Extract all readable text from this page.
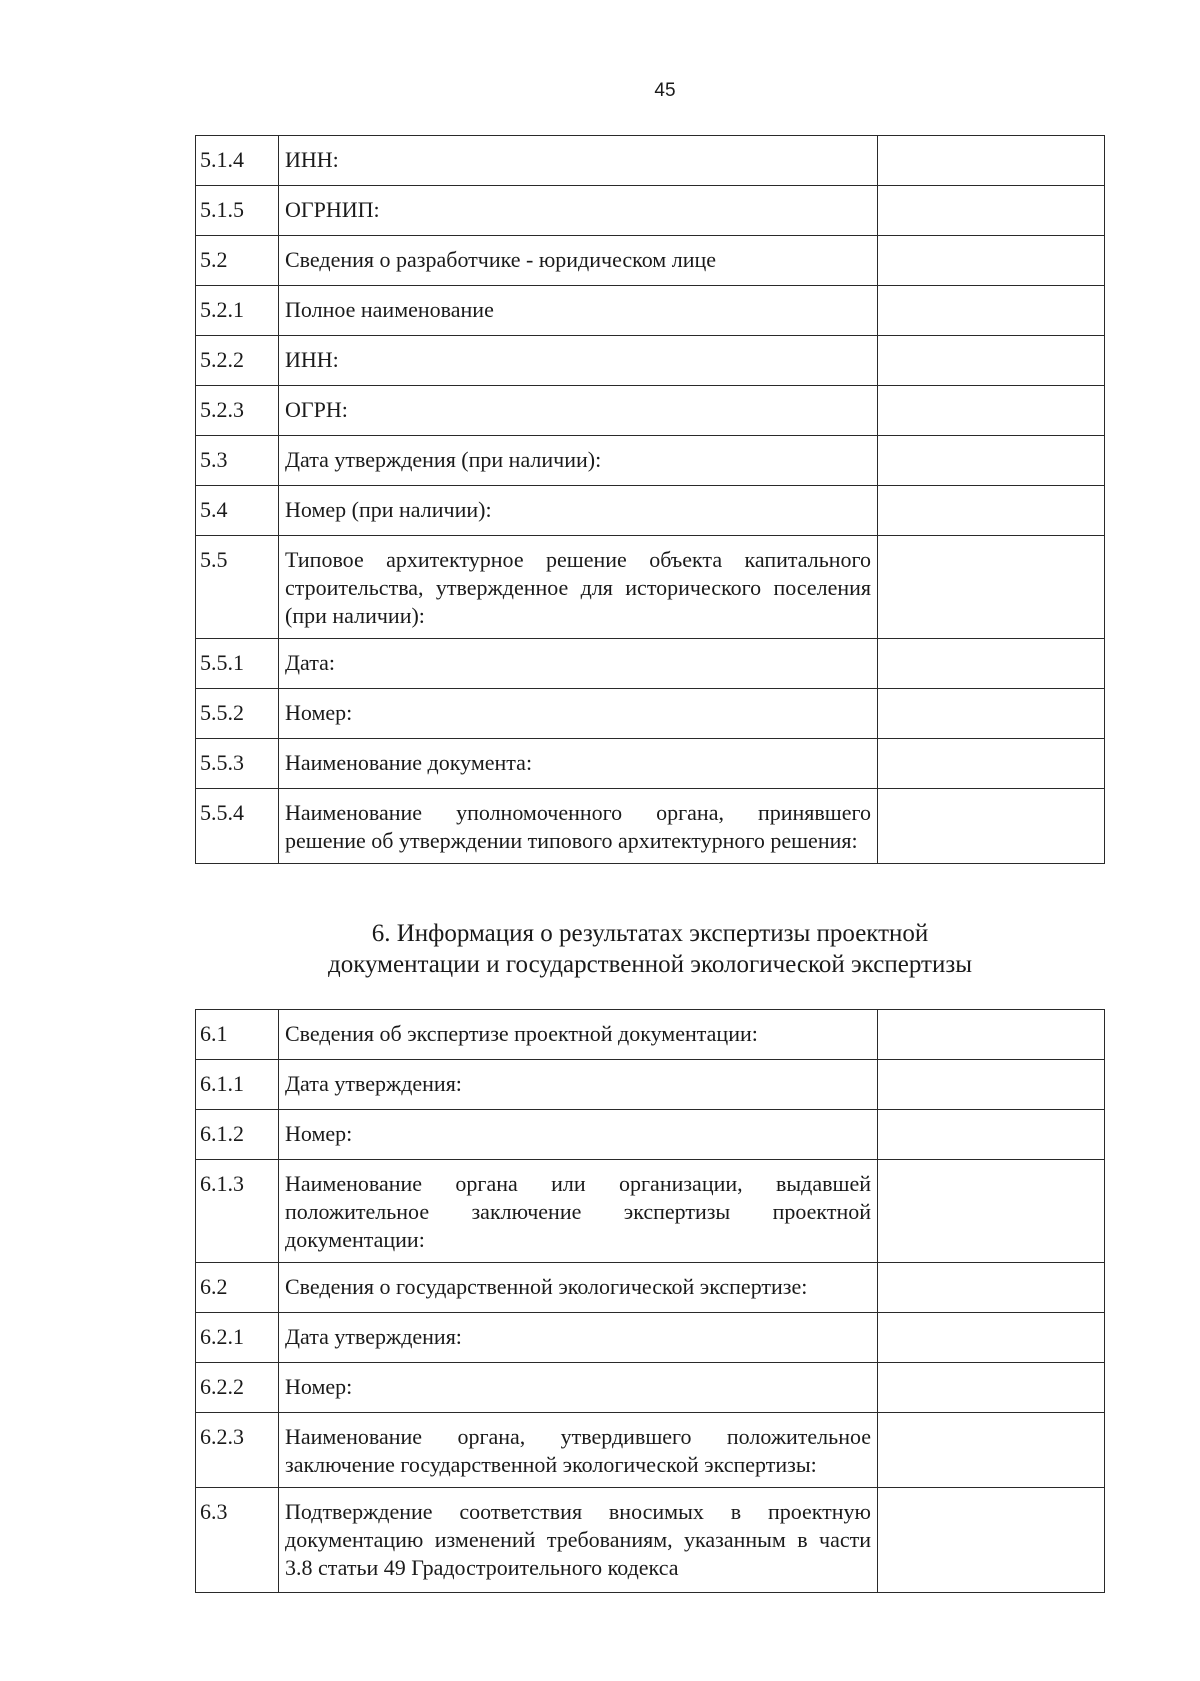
45
5.1.4	ИНН:	
5.1.5	ОГРНИП:	
5.2	Сведения о разработчике - юридическом лице	
5.2.1	Полное наименование	
5.2.2	ИНН:	
5.2.3	ОГРН:	
5.3	Дата утверждения (при наличии):	
5.4	Номер (при наличии):	
5.5	Типовое архитектурное решение объекта капитального строительства, утвержденное для исторического поселения (при наличии):	
5.5.1	Дата:	
5.5.2	Номер:	
5.5.3	Наименование документа:	
5.5.4	Наименование уполномоченного органа, принявшего решение об утверждении типового архитектурного решения:	
6. Информация о результатах экспертизы проектной
документации и государственной экологической экспертизы
6.1	Сведения об экспертизе проектной документации:	
6.1.1	Дата утверждения:	
6.1.2	Номер:	
6.1.3	Наименование органа или организации, выдавшей положительное заключение экспертизы проектной документации:	
6.2	Сведения о государственной экологической экспертизе:	
6.2.1	Дата утверждения:	
6.2.2	Номер:	
6.2.3	Наименование органа, утвердившего положительное заключение государственной экологической экспертизы:	
6.3	Подтверждение соответствия вносимых в проектную документацию изменений требованиям, указанным в части 3.8 статьи 49 Градостроительного кодекса	
